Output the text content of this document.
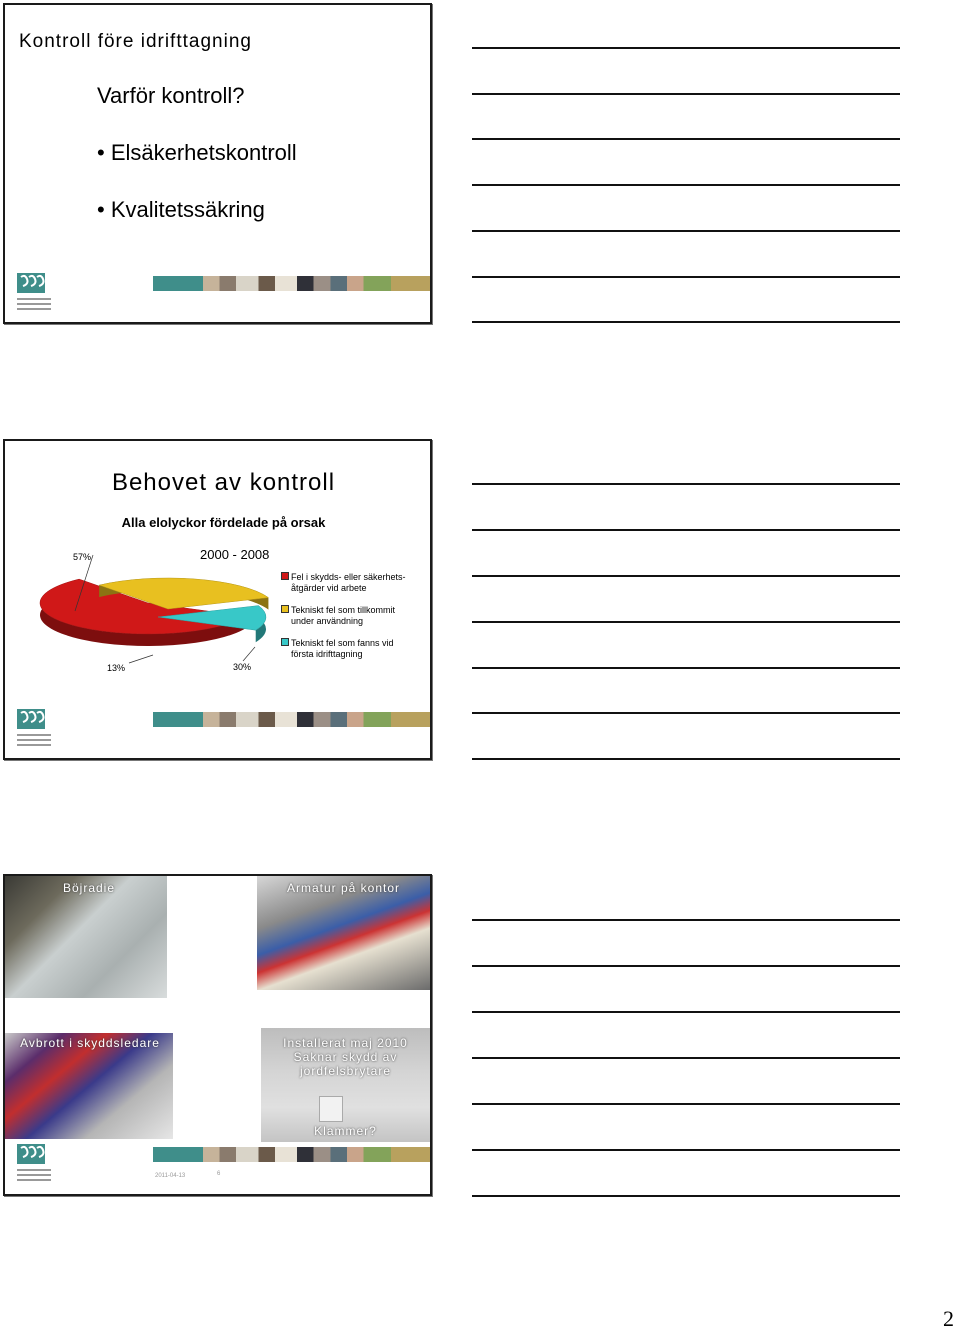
Kontroll före idrifttagning
Varför kontroll?
• Elsäkerhetskontroll
• Kvalitetssäkring
Behovet av kontroll
Alla elolyckor fördelade på orsak
2000 - 2008
57%
13%	30%
Fel i skydds- eller säkerhets-
åtgärder vid arbete
Tekniskt fel som tillkommit
under användning
Tekniskt fel som fanns vid
första idrifttagning
Böjradie	Armatur på kontor
Avbrott i skyddsledare	Installerat maj 2010
Saknar skydd av
jordfelsbrytare
Klammer?
2011-04-13	6
2
